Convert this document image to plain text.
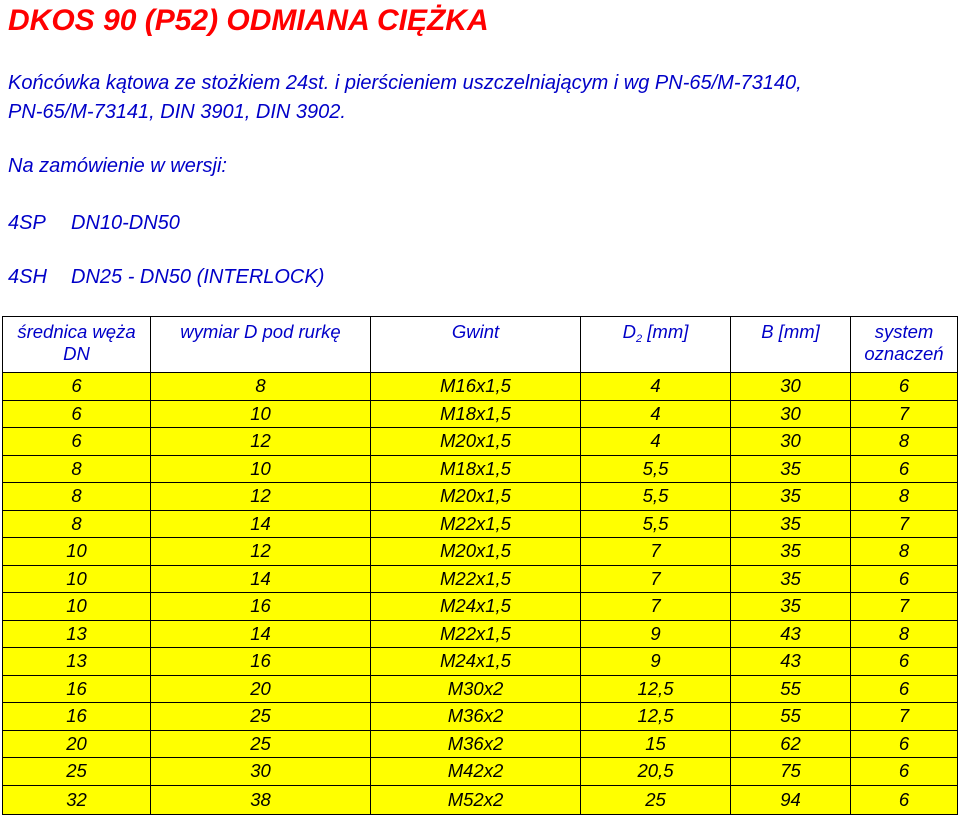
DKOS 90 (P52) ODMIANA CIĘŻKA
Końcówka kątowa ze stożkiem 24st. i pierścieniem uszczelniającym i wg PN-65/M-73140, PN-65/M-73141, DIN 3901, DIN 3902.
Na zamówienie w wersji:
4SP DN10-DN50
4SH DN25 - DN50 (INTERLOCK)
średnica węża DN	wymiar D pod rurkę	Gwint	$D_2$ [mm]	B [mm]	system oznaczeń
6	8	M16x1,5	4	30	6
6	10	M18x1,5	4	30	7
6	12	M20x1,5	4	30	8
8	10	M18x1,5	5,5	35	6
8	12	M20x1,5	5,5	35	8
8	14	M22x1,5	5,5	35	7
10	12	M20x1,5	7	35	8
10	14	M22x1,5	7	35	6
10	16	M24x1,5	7	35	7
13	14	M22x1,5	9	43	8
13	16	M24x1,5	9	43	6
16	20	M30x2	12,5	55	6
16	25	M36x2	12,5	55	7
20	25	M36x2	15	62	6
25	30	M42x2	20,5	75	6
32	38	M52x2	25	94	6
